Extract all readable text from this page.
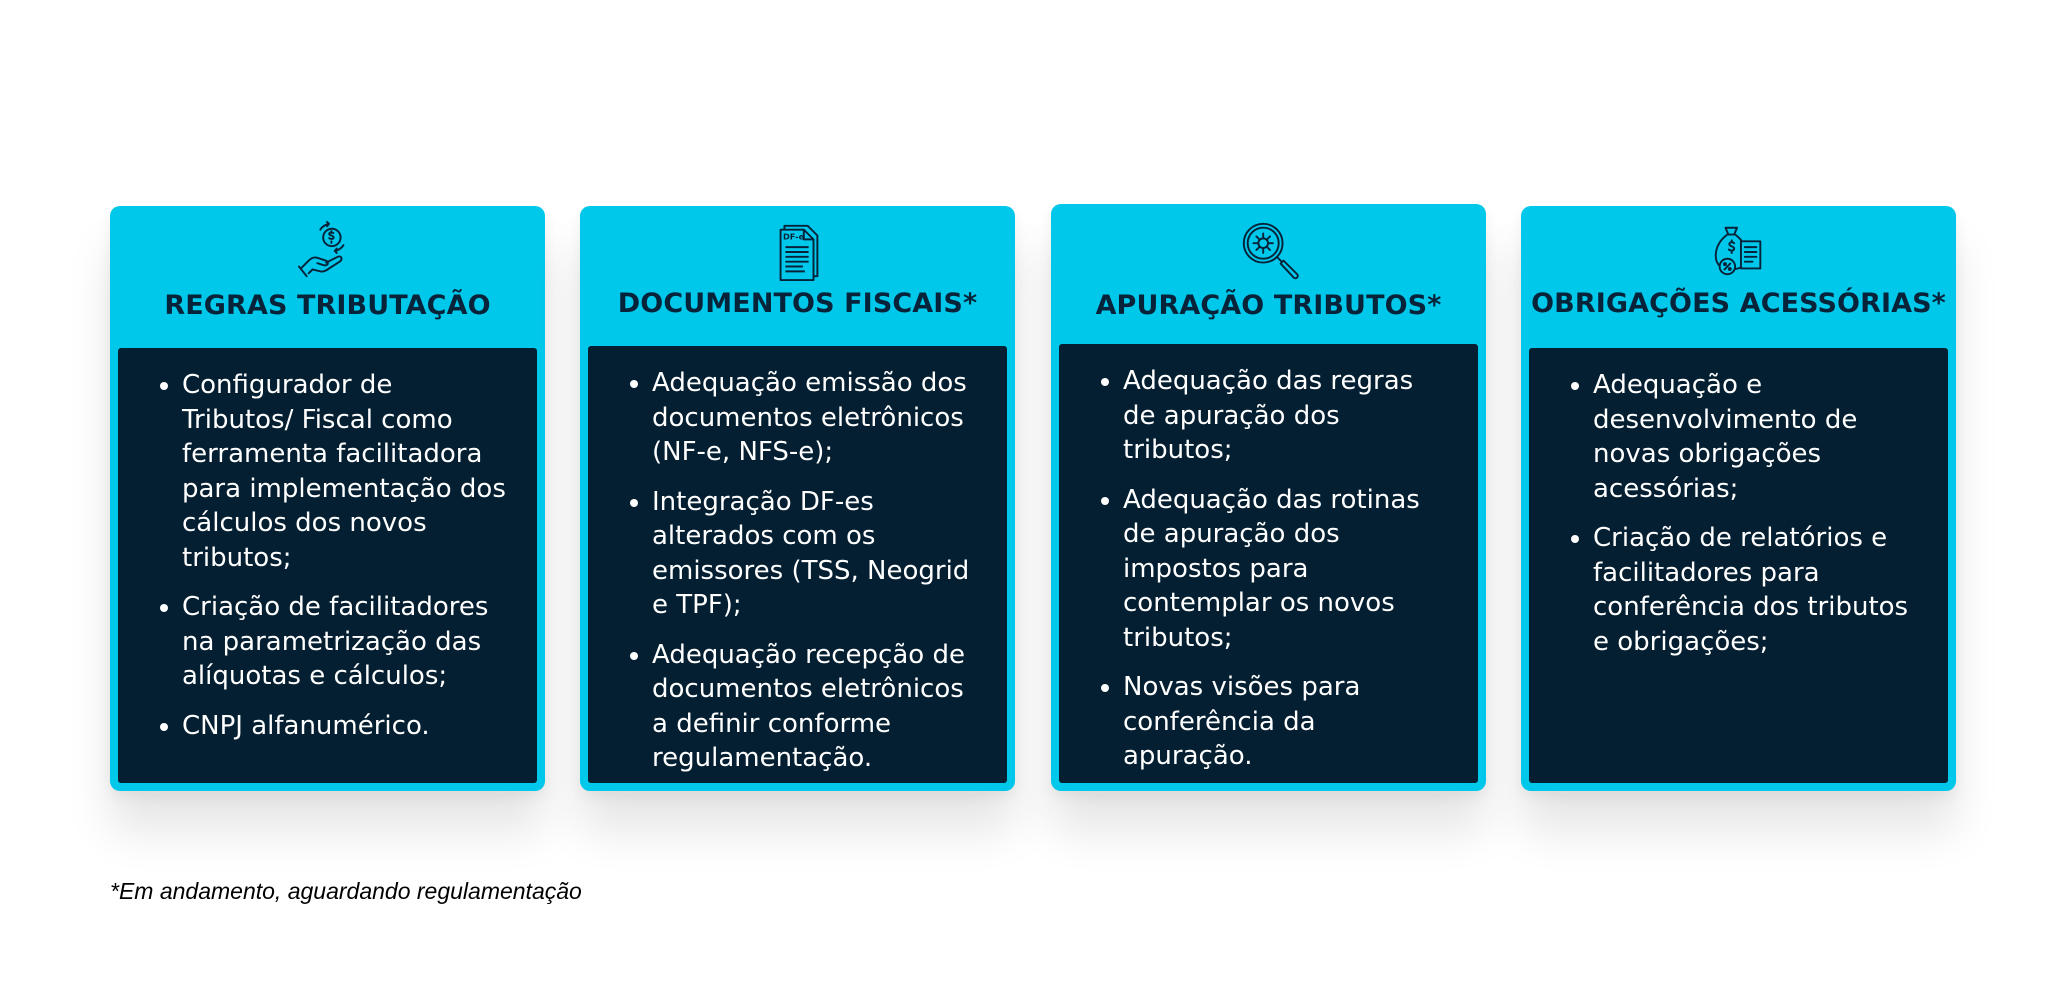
REGRAS TRIBUTAÇÃO
• Configurador de Tributos/ Fiscal como ferramenta facilitadora para implementação dos cálculos dos novos tributos;
• Criação de facilitadores na parametrização das alíquotas e cálculos;
• CNPJ alfanumérico.
DF-e
DOCUMENTOS FISCAIS*
• Adequação emissão dos documentos eletrônicos (NF-e, NFS-e);
• Integração DF-es alterados com os emissores (TSS, Neogrid e TPF);
• Adequação recepção de documentos eletrônicos a definir conforme regulamentação.
APURAÇÃO TRIBUTOS*
• Adequação das regras de apuração dos tributos;
• Adequação das rotinas de apuração dos impostos para contemplar os novos tributos;
• Novas visões para conferência da apuração.
OBRIGAÇÕES ACESSÓRIAS*
• Adequação e desenvolvimento de novas obrigações acessórias;
• Criação de relatórios e facilitadores para conferência dos tributos e obrigações;
*Em andamento, aguardando regulamentação
